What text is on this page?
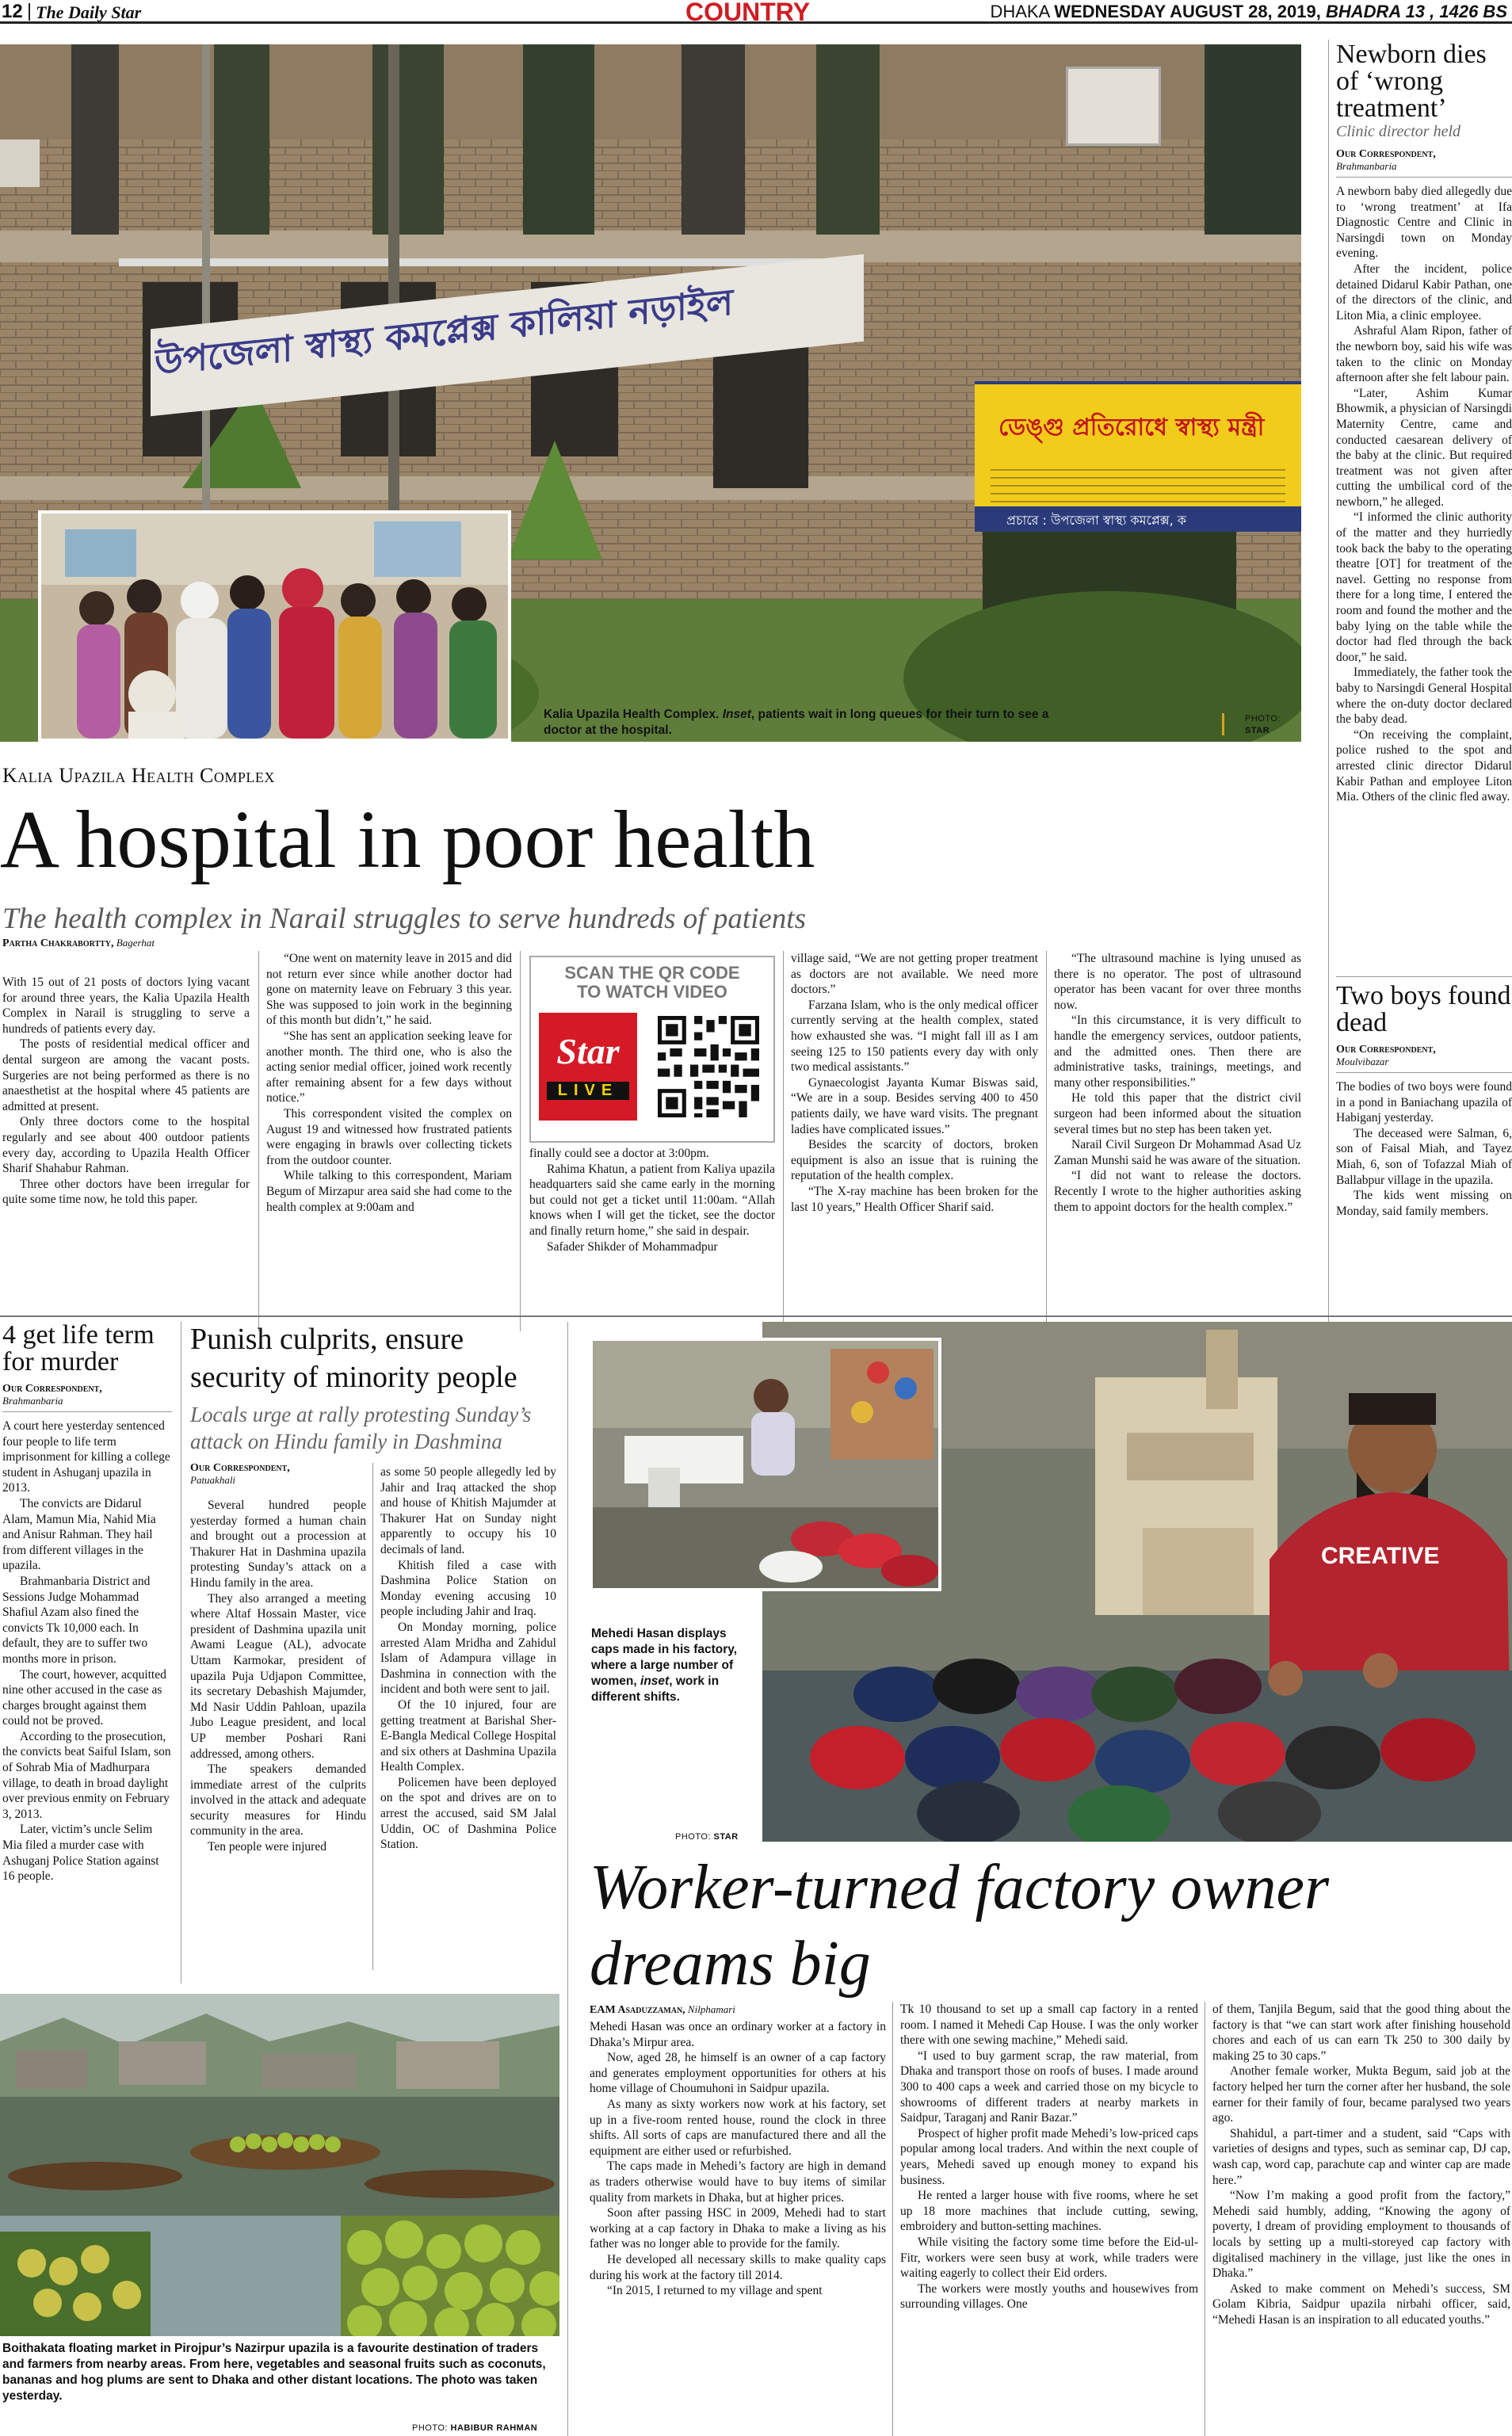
12 The Daily Star	COUNTRY	DHAKA WEDNESDAY AUGUST 28, 2019, BHADRA 13 , 1426 BS
উপজেলা স্বাস্থ্য কমপ্লেক্স কালিয়া নড়াইল
ডেঙ্গু প্রতিরোধে স্বাস্থ্য মন্ত্রী
প্রচারে : উপজেলা স্বাস্থ্য কমপ্লেক্স, ক
Kalia Upazila Health Complex. Inset, patients wait in long queues for their turn to see a doctor at the hospital.
PHOTO:
STAR
Kalia Upazila Health Complex
A hospital in poor health
The health complex in Narail struggles to serve hundreds of patients
Partha Chakrabortty, Bagerhat

With 15 out of 21 posts of doctors lying vacant for around three years, the Kalia Upazila Health Complex in Narail is struggling to serve a hundreds of patients every day.

The posts of residential medical officer and dental surgeon are among the vacant posts. Surgeries are not being performed as there is no anaesthetist at the hospital where 45 patients are admitted at present.

Only three doctors come to the hospital regularly and see about 400 outdoor patients every day, according to Upazila Health Officer Sharif Shahabur Rahman.

Three other doctors have been irregular for quite some time now, he told this paper.

“One went on maternity leave in 2015 and did not return ever since while another doctor had gone on maternity leave on February 3 this year. She was supposed to join work in the beginning of this month but didn’t,” he said.

“She has sent an application seeking leave for another month. The third one, who is also the acting senior medial officer, joined work recently after remaining absent for a few days without notice.”

This correspondent visited the complex on August 19 and witnessed how frustrated patients were engaging in brawls over collecting tickets from the outdoor counter.

While talking to this correspondent, Mariam Begum of Mirzapur area said she had come to the health complex at 9:00am and

SCAN THE QR CODE TO WATCH VIDEO
Star
LIVE

finally could see a doctor at 3:00pm.

Rahima Khatun, a patient from Kaliya upazila headquarters said she came early in the morning but could not get a ticket until 11:00am. “Allah knows when I will get the ticket, see the doctor and finally return home,” she said in despair.

Safader Shikder of Mohammadpur

village said, “We are not getting proper treatment as doctors are not available. We need more doctors.”

Farzana Islam, who is the only medical officer currently serving at the health complex, stated how exhausted she was. “I might fall ill as I am seeing 125 to 150 patients every day with only two medical assistants.”

Gynaecologist Jayanta Kumar Biswas said, “We are in a soup. Besides serving 400 to 450 patients daily, we have ward visits. The pregnant ladies have complicated issues.”

Besides the scarcity of doctors, broken equipment is also an issue that is ruining the reputation of the health complex.

“The X-ray machine has been broken for the last 10 years,” Health Officer Sharif said.

“The ultrasound machine is lying unused as there is no operator. The post of ultrasound operator has been vacant for over three months now.

“In this circumstance, it is very difficult to handle the emergency services, outdoor patients, and the admitted ones. Then there are administrative tasks, trainings, meetings, and many other responsibilities.”

He told this paper that the district civil surgeon had been informed about the situation several times but no step has been taken yet.

Narail Civil Surgeon Dr Mohammad Asad Uz Zaman Munshi said he was aware of the situation.

“I did not want to release the doctors. Recently I wrote to the higher authorities asking them to appoint doctors for the health complex.”

Newborn dies of ‘wrong treatment’
Clinic director held
Our Correspondent,
Brahmanbaria

A newborn baby died allegedly due to ‘wrong treatment’ at Ifa Diagnostic Centre and Clinic in Narsingdi town on Monday evening.

After the incident, police detained Didarul Kabir Pathan, one of the directors of the clinic, and Liton Mia, a clinic employee.

Ashraful Alam Ripon, father of the newborn boy, said his wife was taken to the clinic on Monday afternoon after she felt labour pain.

“Later, Ashim Kumar Bhowmik, a physician of Narsingdi Maternity Centre, came and conducted caesarean delivery of the baby at the clinic. But required treatment was not given after cutting the umbilical cord of the newborn,” he alleged.

“I informed the clinic authority of the matter and they hurriedly took back the baby to the operating theatre [OT] for treatment of the navel. Getting no response from there for a long time, I entered the room and found the mother and the baby lying on the table while the doctor had fled through the back door,” he said.

Immediately, the father took the baby to Narsingdi General Hospital where the on-duty doctor declared the baby dead.

“On receiving the complaint, police rushed to the spot and arrested clinic director Didarul Kabir Pathan and employee Liton Mia. Others of the clinic fled away.

Two boys found dead
Our Correspondent,
Moulvibazar

The bodies of two boys were found in a pond in Baniachang upazila of Habiganj yesterday.

The deceased were Salman, 6, son of Faisal Miah, and Tayez Miah, 6, son of Tofazzal Miah of Ballabpur village in the upazila.

The kids went missing on Monday, said family members.

4 get life term for murder
Our Correspondent,
Brahmanbaria

A court here yesterday sentenced four people to life term imprisonment for killing a college student in Ashuganj upazila in 2013.

The convicts are Didarul Alam, Mamun Mia, Nahid Mia and Anisur Rahman. They hail from different villages in the upazila.

Brahmanbaria District and Sessions Judge Mohammad Shafiul Azam also fined the convicts Tk 10,000 each. In default, they are to suffer two months more in prison.

The court, however, acquitted nine other accused in the case as charges brought against them could not be proved.

According to the prosecution, the convicts beat Saiful Islam, son of Sohrab Mia of Madhurpara village, to death in broad daylight over previous enmity on February 3, 2013.

Later, victim’s uncle Selim Mia filed a murder case with Ashuganj Police Station against 16 people.

Punish culprits, ensure security of minority people
Locals urge at rally protesting Sunday’s attack on Hindu family in Dashmina
Our Correspondent,
Patuakhali

Several hundred people yesterday formed a human chain and brought out a procession at Thakurer Hat in Dashmina upazila protesting Sunday’s attack on a Hindu family in the area.

They also arranged a meeting where Altaf Hossain Master, vice president of Dashmina upazila unit Awami League (AL), advocate Uttam Karmokar, president of upazila Puja Udjapon Committee, its secretary Debashish Majumder, Md Nasir Uddin Pahloan, upazila Jubo League president, and local UP member Poshari Rani addressed, among others.

The speakers demanded immediate arrest of the culprits involved in the attack and adequate security measures for Hindu community in the area.

Ten people were injured

as some 50 people allegedly led by Jahir and Iraq attacked the shop and house of Khitish Majumder at Thakurer Hat on Sunday night apparently to occupy his 10 decimals of land.

Khitish filed a case with Dashmina Police Station on Monday evening accusing 10 people including Jahir and Iraq.

On Monday morning, police arrested Alam Mridha and Zahidul Islam of Adampura village in Dashmina in connection with the incident and both were sent to jail.

Of the 10 injured, four are getting treatment at Barishal Sher-E-Bangla Medical College Hospital and six others at Dashmina Upazila Health Complex.

Policemen have been deployed on the spot and drives are on to arrest the accused, said SM Jalal Uddin, OC of Dashmina Police Station.

Boithakata floating market in Pirojpur’s Nazirpur upazila is a favourite destination of traders and farmers from nearby areas. From here, vegetables and seasonal fruits such as coconuts, bananas and hog plums are sent to Dhaka and other distant locations. The photo was taken yesterday.
PHOTO: HABIBUR RAHMAN
CREATIVE
Mehedi Hasan displays caps made in his factory, where a large number of women, inset, work in different shifts.
PHOTO: STAR
Worker-turned factory owner dreams big
EAM Asaduzzaman, Nilphamari

Mehedi Hasan was once an ordinary worker at a factory in Dhaka’s Mirpur area.

Now, aged 28, he himself is an owner of a cap factory and generates employment opportunities for others at his home village of Choumuhoni in Saidpur upazila.

As many as sixty workers now work at his factory, set up in a five-room rented house, round the clock in three shifts. All sorts of caps are manufactured there and all the equipment are either used or refurbished.

The caps made in Mehedi’s factory are high in demand as traders otherwise would have to buy items of similar quality from markets in Dhaka, but at higher prices.

Soon after passing HSC in 2009, Mehedi had to start working at a cap factory in Dhaka to make a living as his father was no longer able to provide for the family.

He developed all necessary skills to make quality caps during his work at the factory till 2014.

“In 2015, I returned to my village and spent

Tk 10 thousand to set up a small cap factory in a rented room. I named it Mehedi Cap House. I was the only worker there with one sewing machine,” Mehedi said.

“I used to buy garment scrap, the raw material, from Dhaka and transport those on roofs of buses. I made around 300 to 400 caps a week and carried those on my bicycle to showrooms of different traders at nearby markets in Saidpur, Taraganj and Ranir Bazar.”

Prospect of higher profit made Mehedi’s low-priced caps popular among local traders. And within the next couple of years, Mehedi saved up enough money to expand his business.

He rented a larger house with five rooms, where he set up 18 more machines that include cutting, sewing, embroidery and button-setting machines.

While visiting the factory some time before the Eid-ul-Fitr, workers were seen busy at work, while traders were waiting eagerly to collect their Eid orders.

The workers were mostly youths and housewives from surrounding villages. One

of them, Tanjila Begum, said that the good thing about the factory is that “we can start work after finishing household chores and each of us can earn Tk 250 to 300 daily by making 25 to 30 caps.”

Another female worker, Mukta Begum, said job at the factory helped her turn the corner after her husband, the sole earner for their family of four, became paralysed two years ago.

Shahidul, a part-timer and a student, said “Caps with varieties of designs and types, such as seminar cap, DJ cap, wash cap, word cap, parachute cap and winter cap are made here.”

“Now I’m making a good profit from the factory,” Mehedi said humbly, adding, “Knowing the agony of poverty, I dream of providing employment to thousands of locals by setting up a multi-storeyed cap factory with digitalised machinery in the village, just like the ones in Dhaka.”

Asked to make comment on Mehedi’s success, SM Golam Kibria, Saidpur upazila nirbahi officer, said, “Mehedi Hasan is an inspiration to all educated youths.”
